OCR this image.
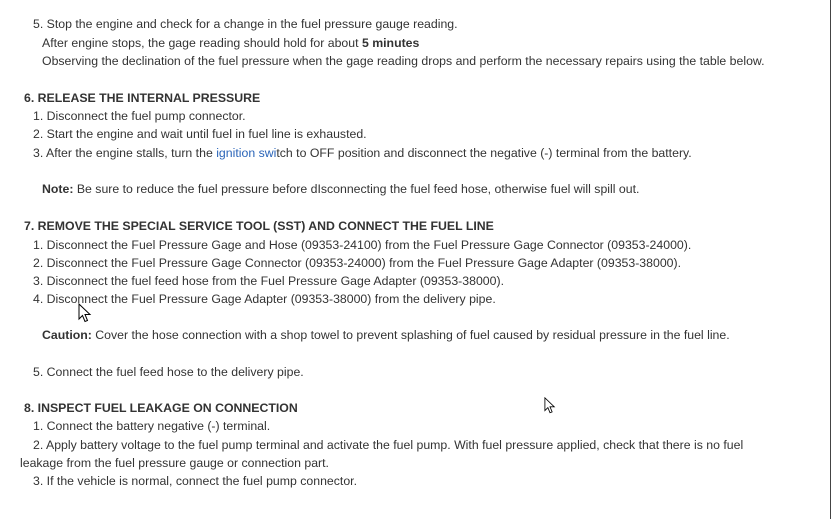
5. Stop the engine and check for a change in the fuel pressure gauge reading.
After engine stops, the gage reading should hold for about 5 minutes
Observing the declination of the fuel pressure when the gage reading drops and perform the necessary repairs using the table below.
6. RELEASE THE INTERNAL PRESSURE
1. Disconnect the fuel pump connector.
2. Start the engine and wait until fuel in fuel line is exhausted.
3. After the engine stalls, turn the ignition switch to OFF position and disconnect the negative (-) terminal from the battery.
Note: Be sure to reduce the fuel pressure before dIsconnecting the fuel feed hose, otherwise fuel will spill out.
7. REMOVE THE SPECIAL SERVICE TOOL (SST) AND CONNECT THE FUEL LINE
1. Disconnect the Fuel Pressure Gage and Hose (09353-24100) from the Fuel Pressure Gage Connector (09353-24000).
2. Disconnect the Fuel Pressure Gage Connector (09353-24000) from the Fuel Pressure Gage Adapter (09353-38000).
3. Disconnect the fuel feed hose from the Fuel Pressure Gage Adapter (09353-38000).
4. Disconnect the Fuel Pressure Gage Adapter (09353-38000) from the delivery pipe.
Caution: Cover the hose connection with a shop towel to prevent splashing of fuel caused by residual pressure in the fuel line.
5. Connect the fuel feed hose to the delivery pipe.
8. INSPECT FUEL LEAKAGE ON CONNECTION
1. Connect the battery negative (-) terminal.
2. Apply battery voltage to the fuel pump terminal and activate the fuel pump. With fuel pressure applied, check that there is no fuel
leakage from the fuel pressure gauge or connection part.
3. If the vehicle is normal, connect the fuel pump connector.
